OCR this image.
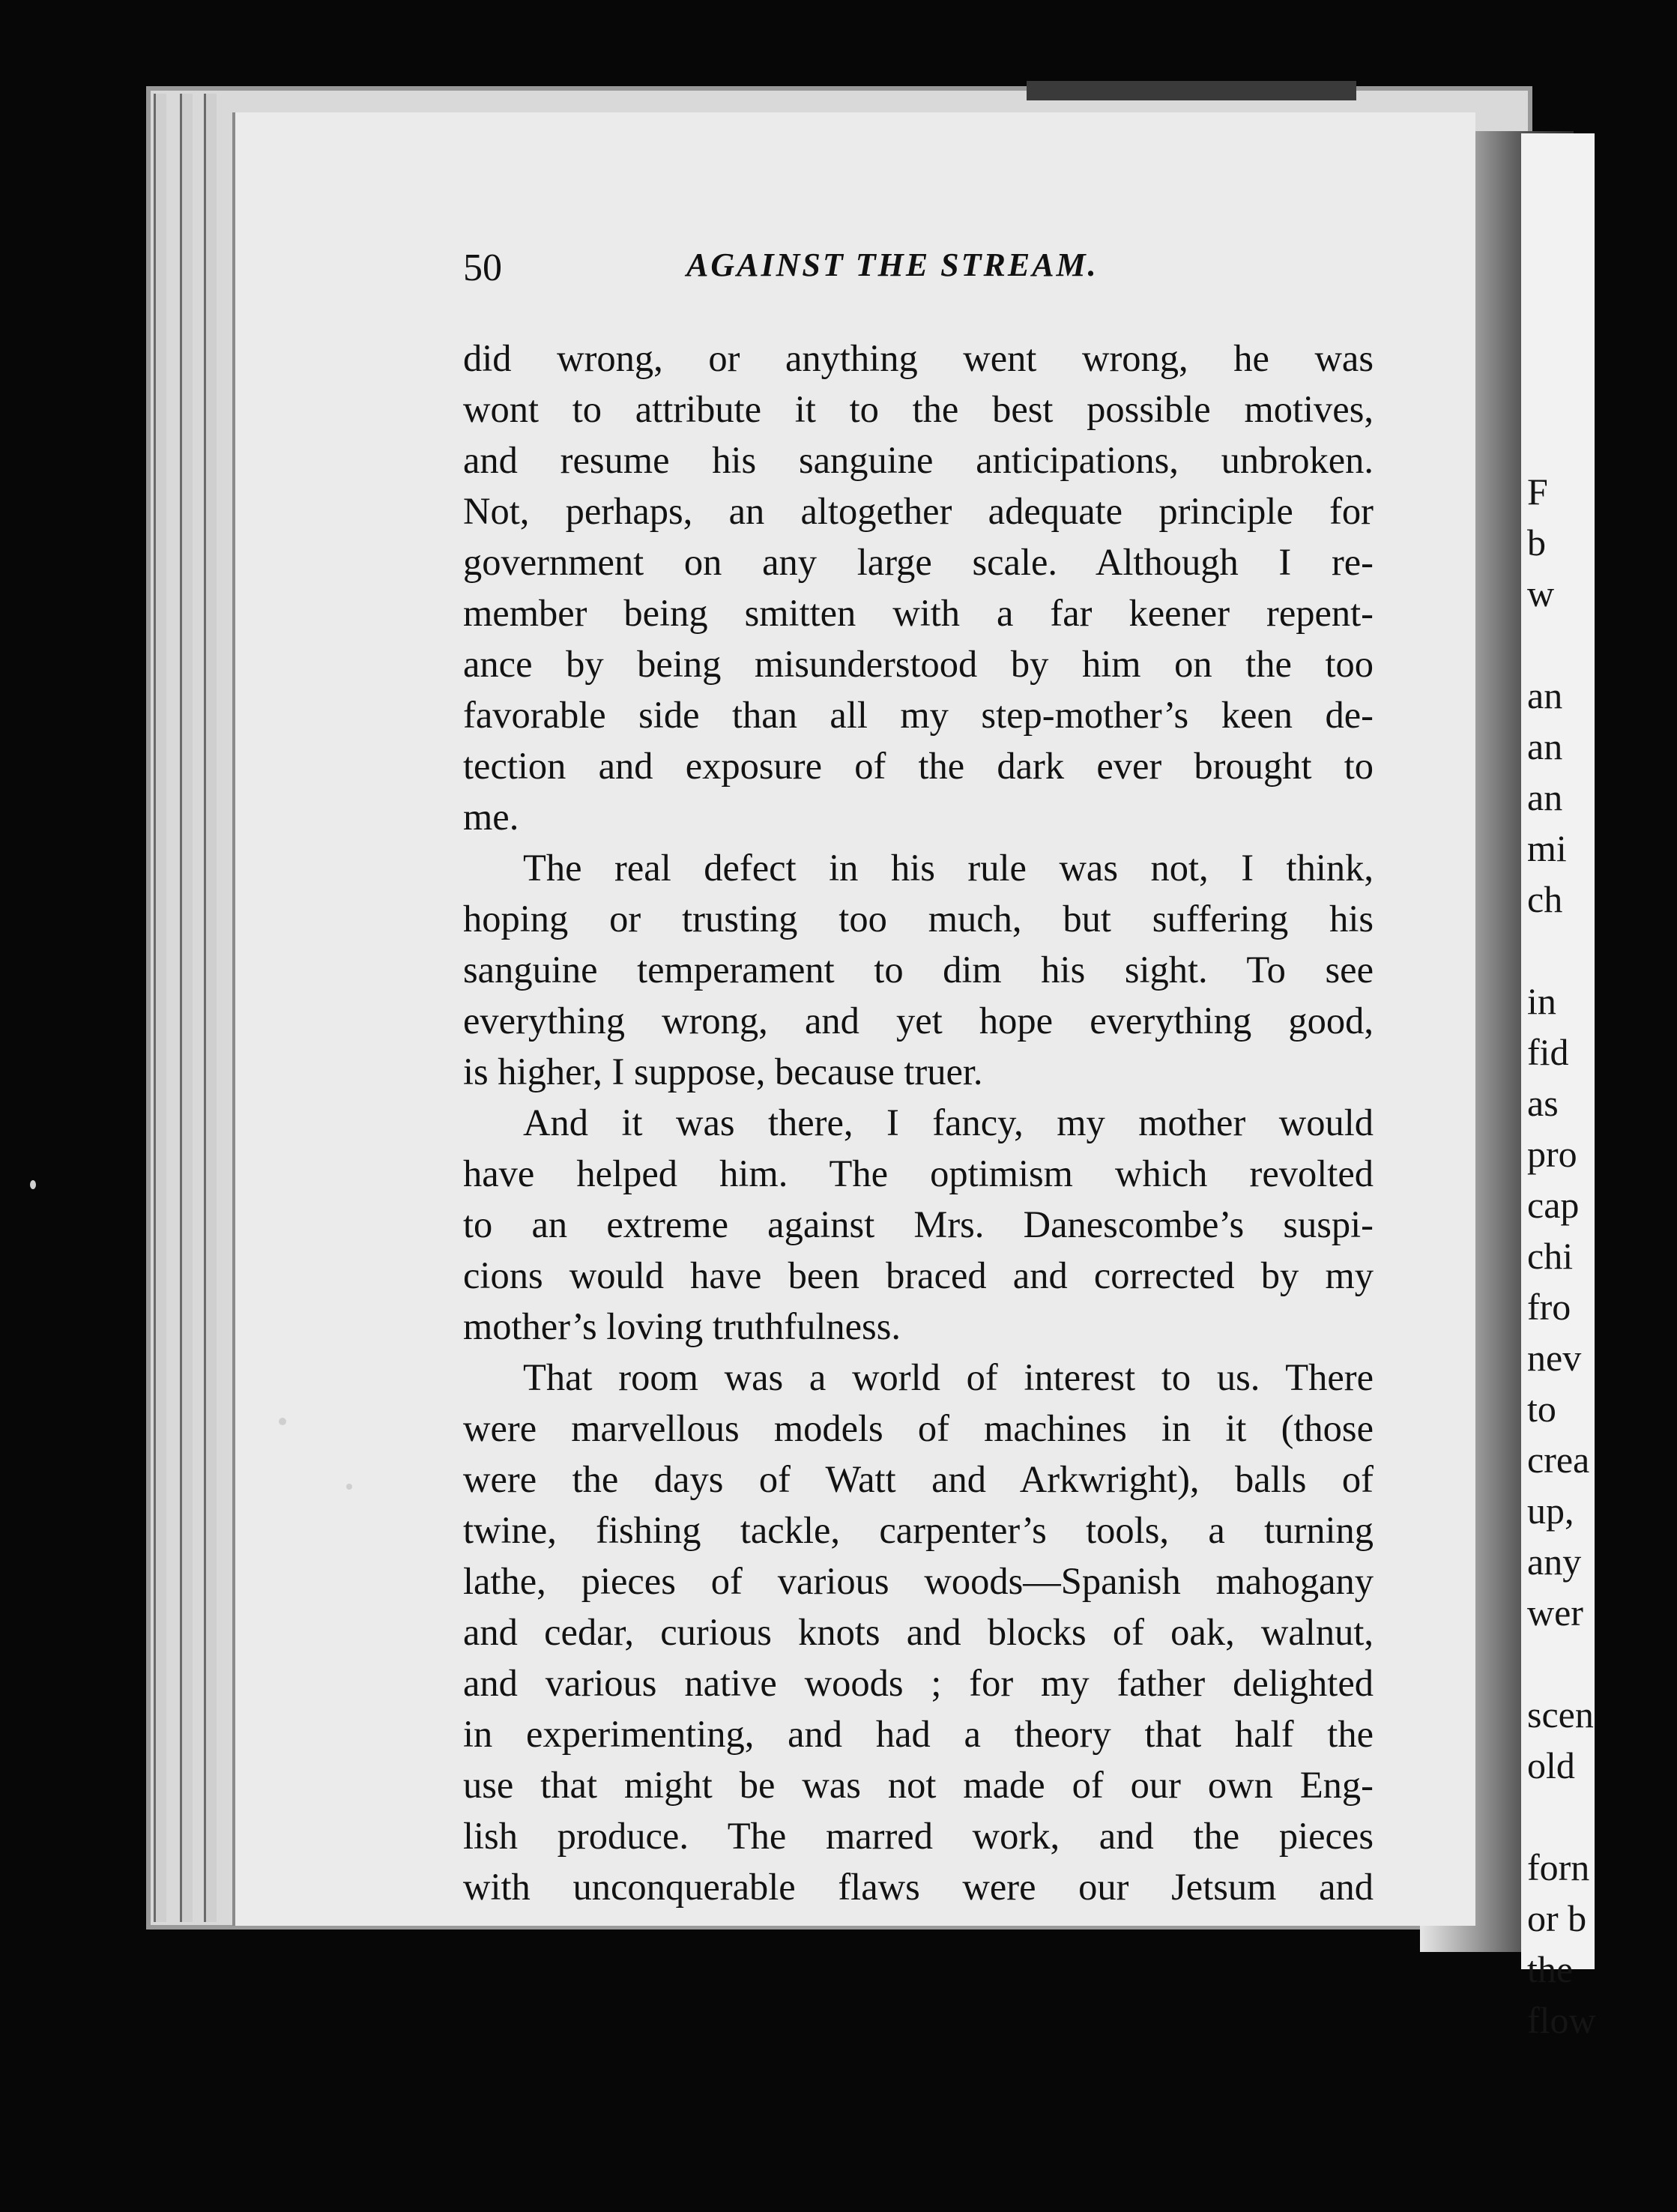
F
b
w
an
an
an
mi
ch
in
fid
as
pro
cap
chi
fro
nev
to
crea
up,
any
wer
scen
old
forn
or b
the
flow
50	AGAINST THE STREAM.
did wrong, or anything went wrong, he was
wont to attribute it to the best possible motives,
and resume his sanguine anticipations, unbroken.
Not, perhaps, an altogether adequate principle for
government on any large scale. Although I re-
member being smitten with a far keener repent-
ance by being misunderstood by him on the too
favorable side than all my step-mother’s keen de-
tection and exposure of the dark ever brought to
me.
The real defect in his rule was not, I think,
hoping or trusting too much, but suffering his
sanguine temperament to dim his sight. To see
everything wrong, and yet hope everything good,
is higher, I suppose, because truer.
And it was there, I fancy, my mother would
have helped him. The optimism which revolted
to an extreme against Mrs. Danescombe’s suspi-
cions would have been braced and corrected by my
mother’s loving truthfulness.
That room was a world of interest to us. There
were marvellous models of machines in it (those
were the days of Watt and Arkwright), balls of
twine, fishing tackle, carpenter’s tools, a turning
lathe, pieces of various woods—Spanish mahogany
and cedar, curious knots and blocks of oak, walnut,
and various native woods ; for my father delighted
in experimenting, and had a theory that half the
use that might be was not made of our own Eng-
lish produce. The marred work, and the pieces
with unconquerable flaws were our Jetsum and
